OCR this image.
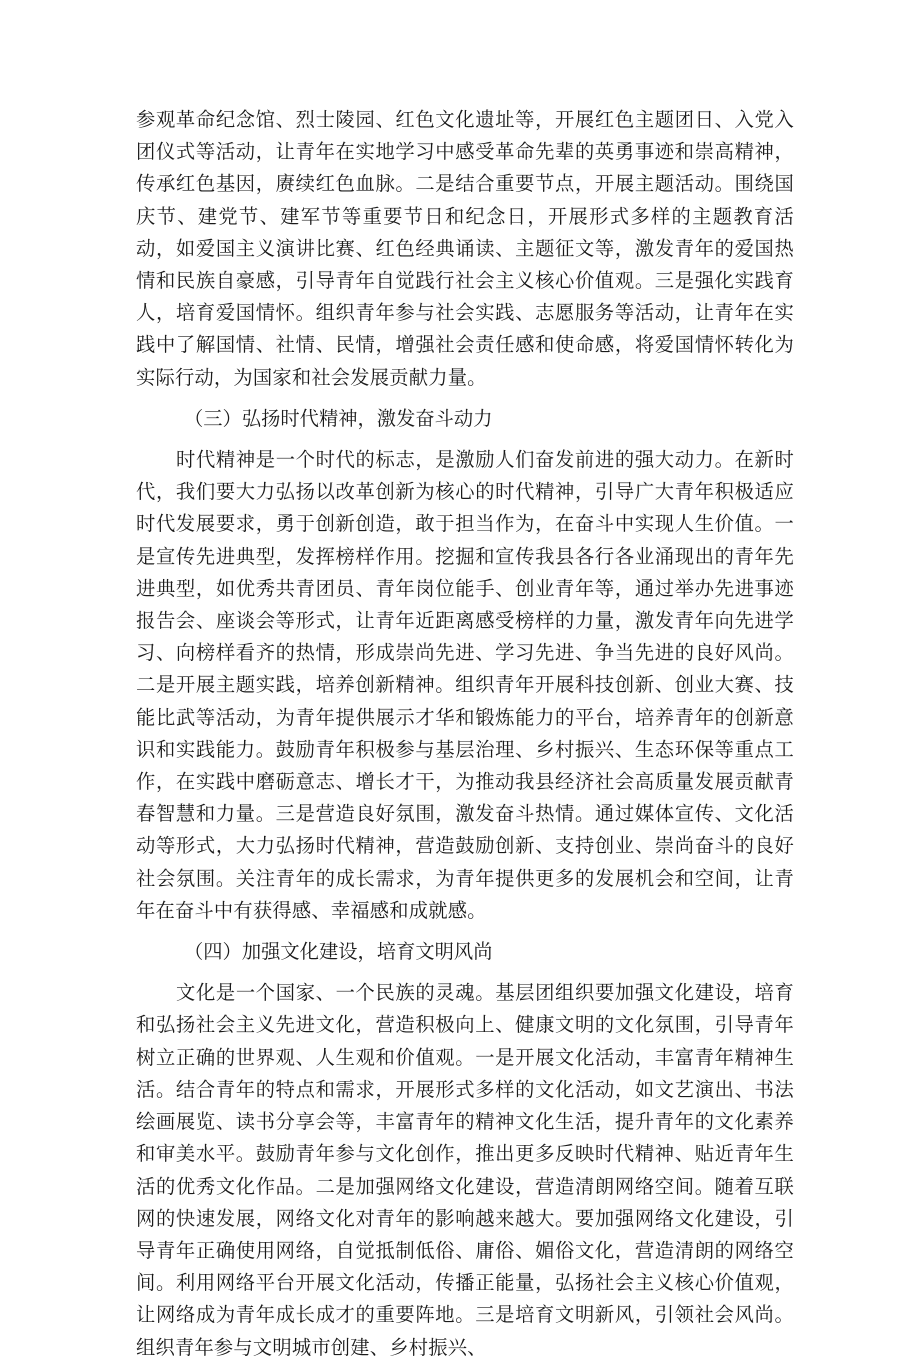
参观革命纪念馆、烈士陵园、红色文化遗址等，开展红色主题团日、入党入团仪式等活动，让青年在实地学习中感受革命先辈的英勇事迹和崇高精神，传承红色基因，赓续红色血脉。二是结合重要节点，开展主题活动。围绕国庆节、建党节、建军节等重要节日和纪念日，开展形式多样的主题教育活动，如爱国主义演讲比赛、红色经典诵读、主题征文等，激发青年的爱国热情和民族自豪感，引导青年自觉践行社会主义核心价值观。三是强化实践育人，培育爱国情怀。组织青年参与社会实践、志愿服务等活动，让青年在实践中了解国情、社情、民情，增强社会责任感和使命感，将爱国情怀转化为实际行动，为国家和社会发展贡献力量。

（三）弘扬时代精神，激发奋斗动力

时代精神是一个时代的标志，是激励人们奋发前进的强大动力。在新时代，我们要大力弘扬以改革创新为核心的时代精神，引导广大青年积极适应时代发展要求，勇于创新创造，敢于担当作为，在奋斗中实现人生价值。一是宣传先进典型，发挥榜样作用。挖掘和宣传我县各行各业涌现出的青年先进典型，如优秀共青团员、青年岗位能手、创业青年等，通过举办先进事迹报告会、座谈会等形式，让青年近距离感受榜样的力量，激发青年向先进学习、向榜样看齐的热情，形成崇尚先进、学习先进、争当先进的良好风尚。二是开展主题实践，培养创新精神。组织青年开展科技创新、创业大赛、技能比武等活动，为青年提供展示才华和锻炼能力的平台，培养青年的创新意识和实践能力。鼓励青年积极参与基层治理、乡村振兴、生态环保等重点工作，在实践中磨砺意志、增长才干，为推动我县经济社会高质量发展贡献青春智慧和力量。三是营造良好氛围，激发奋斗热情。通过媒体宣传、文化活动等形式，大力弘扬时代精神，营造鼓励创新、支持创业、崇尚奋斗的良好社会氛围。关注青年的成长需求，为青年提供更多的发展机会和空间，让青年在奋斗中有获得感、幸福感和成就感。

（四）加强文化建设，培育文明风尚

文化是一个国家、一个民族的灵魂。基层团组织要加强文化建设，培育和弘扬社会主义先进文化，营造积极向上、健康文明的文化氛围，引导青年树立正确的世界观、人生观和价值观。一是开展文化活动，丰富青年精神生活。结合青年的特点和需求，开展形式多样的文化活动，如文艺演出、书法绘画展览、读书分享会等，丰富青年的精神文化生活，提升青年的文化素养和审美水平。鼓励青年参与文化创作，推出更多反映时代精神、贴近青年生活的优秀文化作品。二是加强网络文化建设，营造清朗网络空间。随着互联网的快速发展，网络文化对青年的影响越来越大。要加强网络文化建设，引导青年正确使用网络，自觉抵制低俗、庸俗、媚俗文化，营造清朗的网络空间。利用网络平台开展文化活动，传播正能量，弘扬社会主义核心价值观，让网络成为青年成长成才的重要阵地。三是培育文明新风，引领社会风尚。组织青年参与文明城市创建、乡村振兴、
